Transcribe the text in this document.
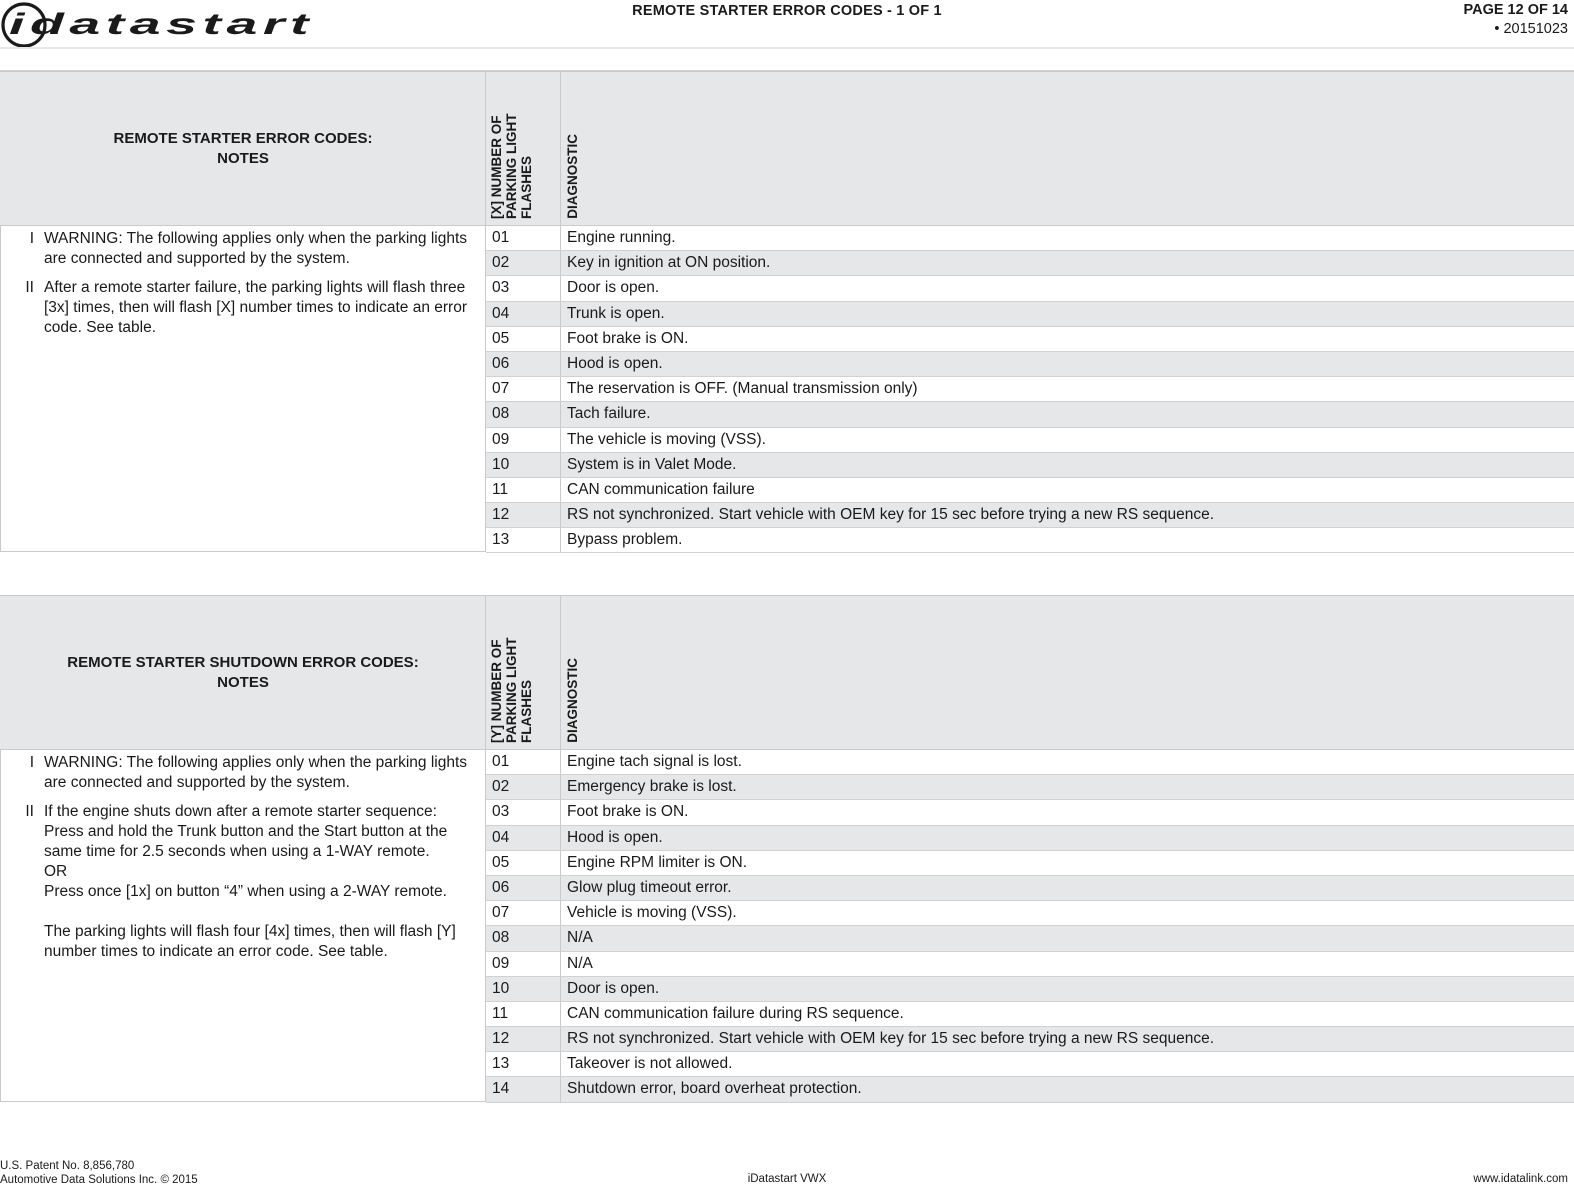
idatastart	REMOTE STARTER ERROR CODES - 1 OF 1	PAGE 12 OF 14
• 20151023
REMOTE STARTER ERROR CODES:
NOTES	[X] NUMBER OF PARKING LIGHT FLASHES	DIAGNOSTIC
I WARNING: The following applies only when the parking lights are connected and supported by the system.
II After a remote starter failure, the parking lights will flash three [3x] times, then will flash [X] number times to indicate an error code. See table.
01	Engine running.
02	Key in ignition at ON position.
03	Door is open.
04	Trunk is open.
05	Foot brake is ON.
06	Hood is open.
07	The reservation is OFF. (Manual transmission only)
08	Tach failure.
09	The vehicle is moving (VSS).
10	System is in Valet Mode.
11	CAN communication failure
12	RS not synchronized. Start vehicle with OEM key for 15 sec before trying a new RS sequence.
13	Bypass problem.
REMOTE STARTER SHUTDOWN ERROR CODES:
NOTES	[Y] NUMBER OF PARKING LIGHT FLASHES	DIAGNOSTIC
I WARNING: The following applies only when the parking lights are connected and supported by the system.
II If the engine shuts down after a remote starter sequence:
Press and hold the Trunk button and the Start button at the same time for 2.5 seconds when using a 1-WAY remote.
OR
Press once [1x] on button “4” when using a 2-WAY remote.

The parking lights will flash four [4x] times, then will flash [Y] number times to indicate an error code. See table.
01	Engine tach signal is lost.
02	Emergency brake is lost.
03	Foot brake is ON.
04	Hood is open.
05	Engine RPM limiter is ON.
06	Glow plug timeout error.
07	Vehicle is moving (VSS).
08	N/A
09	N/A
10	Door is open.
11	CAN communication failure during RS sequence.
12	RS not synchronized. Start vehicle with OEM key for 15 sec before trying a new RS sequence.
13	Takeover is not allowed.
14	Shutdown error, board overheat protection.
U.S. Patent No. 8,856,780
Automotive Data Solutions Inc. © 2015	iDatastart VWX	www.idatalink.com
